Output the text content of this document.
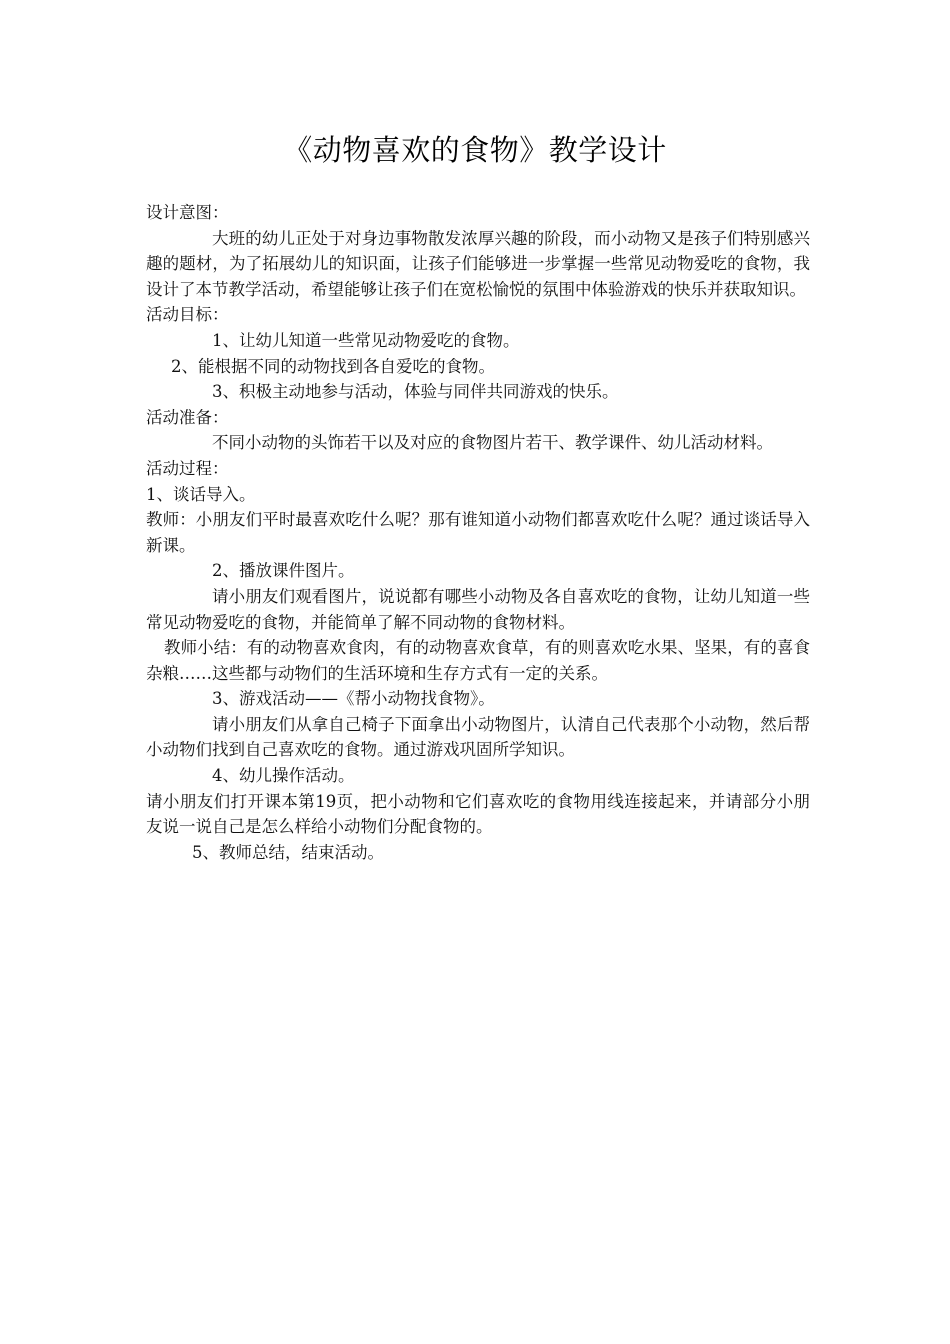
《动物喜欢的食物》教学设计

设计意图：

大班的幼儿正处于对身边事物散发浓厚兴趣的阶段，而小动物又是孩子们特别感兴趣的题材，为了拓展幼儿的知识面，让孩子们能够进一步掌握一些常见动物爱吃的食物，我设计了本节教学活动，希望能够让孩子们在宽松愉悦的氛围中体验游戏的快乐并获取知识。

活动目标：

1、让幼儿知道一些常见动物爱吃的食物。

2、能根据不同的动物找到各自爱吃的食物。

3、积极主动地参与活动，体验与同伴共同游戏的快乐。

活动准备：

不同小动物的头饰若干以及对应的食物图片若干、教学课件、幼儿活动材料。

活动过程：

1、谈话导入。

教师：小朋友们平时最喜欢吃什么呢？那有谁知道小动物们都喜欢吃什么呢？通过谈话导入新课。

2、播放课件图片。

请小朋友们观看图片，说说都有哪些小动物及各自喜欢吃的食物，让幼儿知道一些常见动物爱吃的食物，并能简单了解不同动物的食物材料。

教师小结：有的动物喜欢食肉，有的动物喜欢食草，有的则喜欢吃水果、坚果，有的喜食杂粮……这些都与动物们的生活环境和生存方式有一定的关系。

3、游戏活动——《帮小动物找食物》。

请小朋友们从拿自己椅子下面拿出小动物图片，认清自己代表那个小动物，然后帮小动物们找到自己喜欢吃的食物。通过游戏巩固所学知识。

4、幼儿操作活动。

请小朋友们打开课本第19页，把小动物和它们喜欢吃的食物用线连接起来，并请部分小朋友说一说自己是怎么样给小动物们分配食物的。

5、教师总结，结束活动。
